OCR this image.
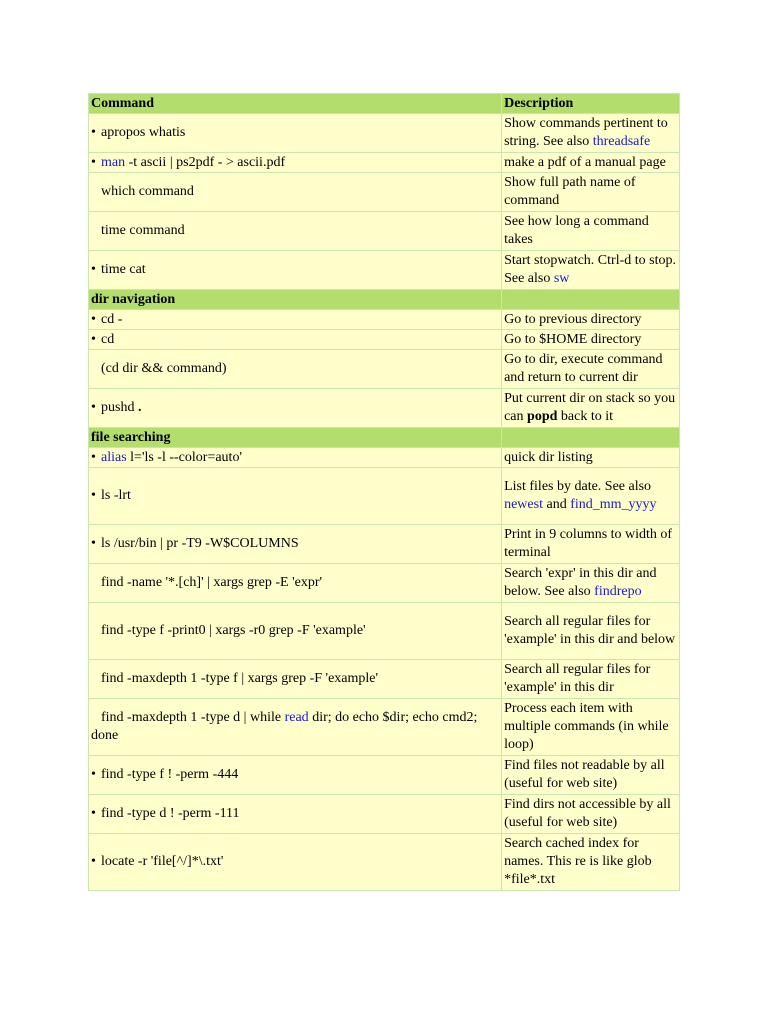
Command	Description
• apropos whatis	Show commands pertinent to string. See also threadsafe
• man -t ascii | ps2pdf - > ascii.pdf	make a pdf of a manual page
which command	Show full path name of command
time command	See how long a command takes
• time cat	Start stopwatch. Ctrl-d to stop. See also sw
dir navigation	
• cd -	Go to previous directory
• cd	Go to $HOME directory
(cd dir && command)	Go to dir, execute command and return to current dir
• pushd .	Put current dir on stack so you can popd back to it
file searching	
• alias l='ls -l --color=auto'	quick dir listing
• ls -lrt	List files by date. See also newest and find_mm_yyyy
• ls /usr/bin | pr -T9 -W$COLUMNS	Print in 9 columns to width of terminal
find -name '*.[ch]' | xargs grep -E 'expr'	Search 'expr' in this dir and below. See also findrepo
find -type f -print0 | xargs -r0 grep -F 'example'	Search all regular files for 'example' in this dir and below
find -maxdepth 1 -type f | xargs grep -F 'example'	Search all regular files for 'example' in this dir
find -maxdepth 1 -type d | while read dir; do echo $dir; echo cmd2; done	Process each item with multiple commands (in while loop)
• find -type f ! -perm -444	Find files not readable by all (useful for web site)
• find -type d ! -perm -111	Find dirs not accessible by all (useful for web site)
• locate -r 'file[^/]*\.txt'	Search cached index for names. This re is like glob *file*.txt
